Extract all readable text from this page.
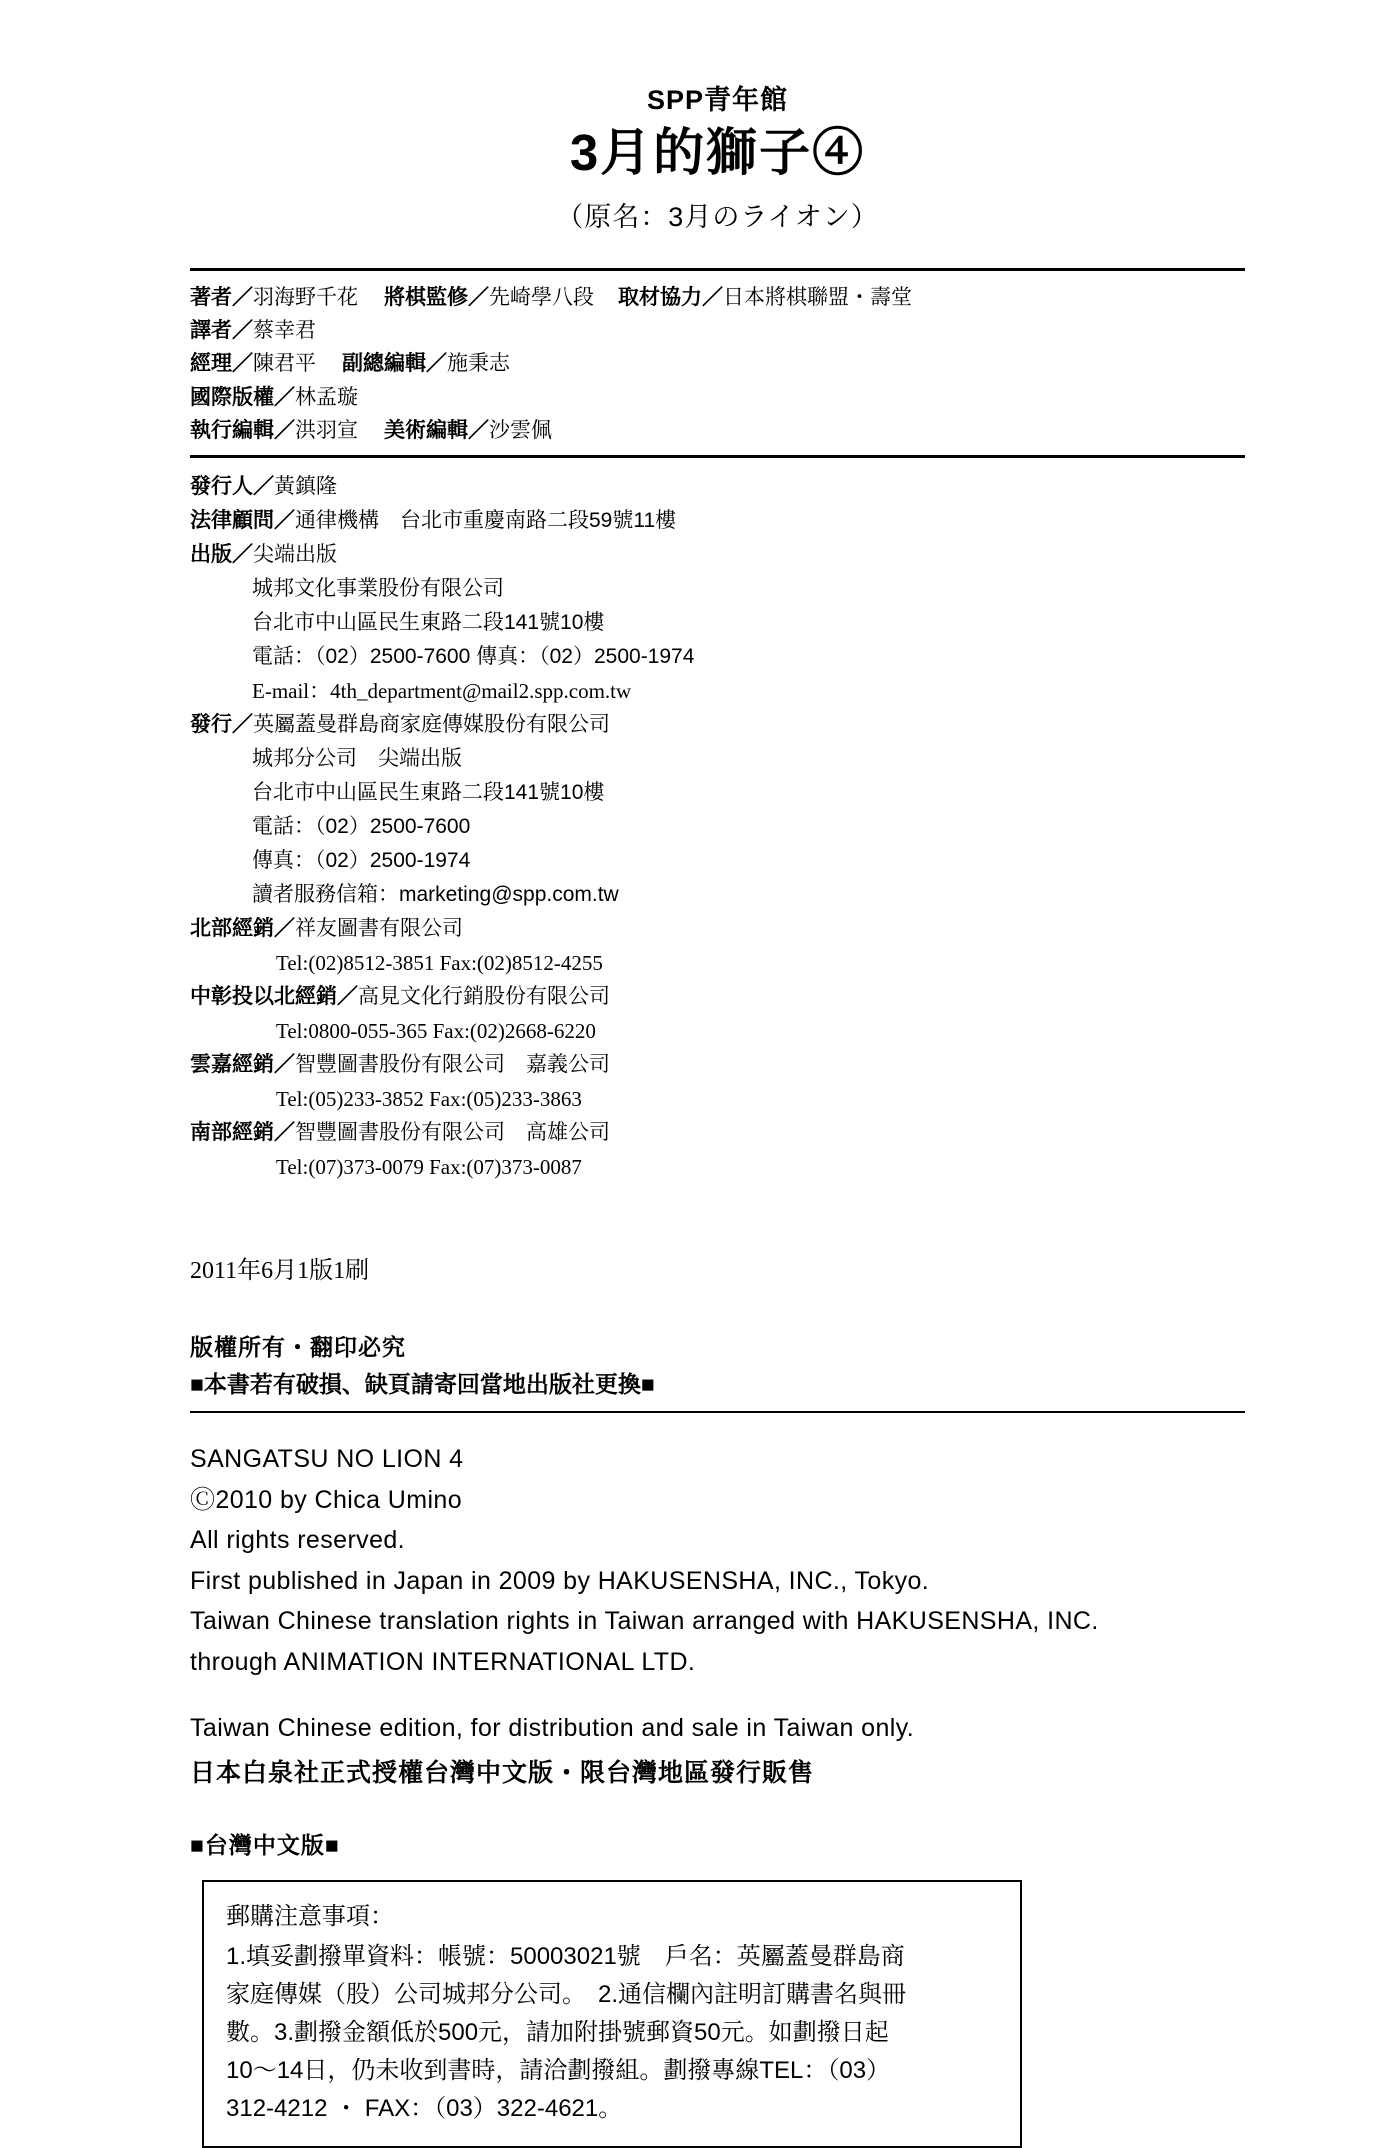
SPP青年館
3月的獅子④
（原名：3月のライオン）
著者／羽海野千花 將棋監修／先崎學八段 取材協力／日本將棋聯盟・壽堂
譯者／蔡幸君
經理／陳君平 副總編輯／施秉志
國際版權／林孟璇
執行編輯／洪羽宣 美術編輯／沙雲佩
發行人／黃鎮隆
法律顧問／通律機構　台北市重慶南路二段59號11樓
出版／尖端出版
城邦文化事業股份有限公司
台北市中山區民生東路二段141號10樓
電話：（02）2500-7600 傳真：（02）2500-1974
E-mail：4th_department@mail2.spp.com.tw
發行／英屬蓋曼群島商家庭傳媒股份有限公司
城邦分公司　尖端出版
台北市中山區民生東路二段141號10樓
電話：（02）2500-7600
傳真：（02）2500-1974
讀者服務信箱：marketing@spp.com.tw
北部經銷／祥友圖書有限公司
Tel:(02)8512-3851 Fax:(02)8512-4255
中彰投以北經銷／高見文化行銷股份有限公司
Tel:0800-055-365 Fax:(02)2668-6220
雲嘉經銷／智豐圖書股份有限公司　嘉義公司
Tel:(05)233-3852 Fax:(05)233-3863
南部經銷／智豐圖書股份有限公司　高雄公司
Tel:(07)373-0079 Fax:(07)373-0087
2011年6月1版1刷
版權所有・翻印必究
■本書若有破損、缺頁請寄回當地出版社更換■
SANGATSU NO LION 4
Ⓒ2010 by Chica Umino
All rights reserved.
First published in Japan in 2009 by HAKUSENSHA, INC., Tokyo.
Taiwan Chinese translation rights in Taiwan arranged with HAKUSENSHA, INC.
through ANIMATION INTERNATIONAL LTD.
Taiwan Chinese edition, for distribution and sale in Taiwan only.
日本白泉社正式授權台灣中文版・限台灣地區發行販售
■台灣中文版■
郵購注意事項：
1.填妥劃撥單資料：帳號：50003021號　戶名：英屬蓋曼群島商
家庭傳媒（股）公司城邦分公司。　2.通信欄內註明訂購書名與冊
數。3.劃撥金額低於500元，請加附掛號郵資50元。如劃撥日起
10～14日，仍未收到書時，請洽劃撥組。劃撥專線TEL：（03）
312-4212 ・ FAX：（03）322-4621。
